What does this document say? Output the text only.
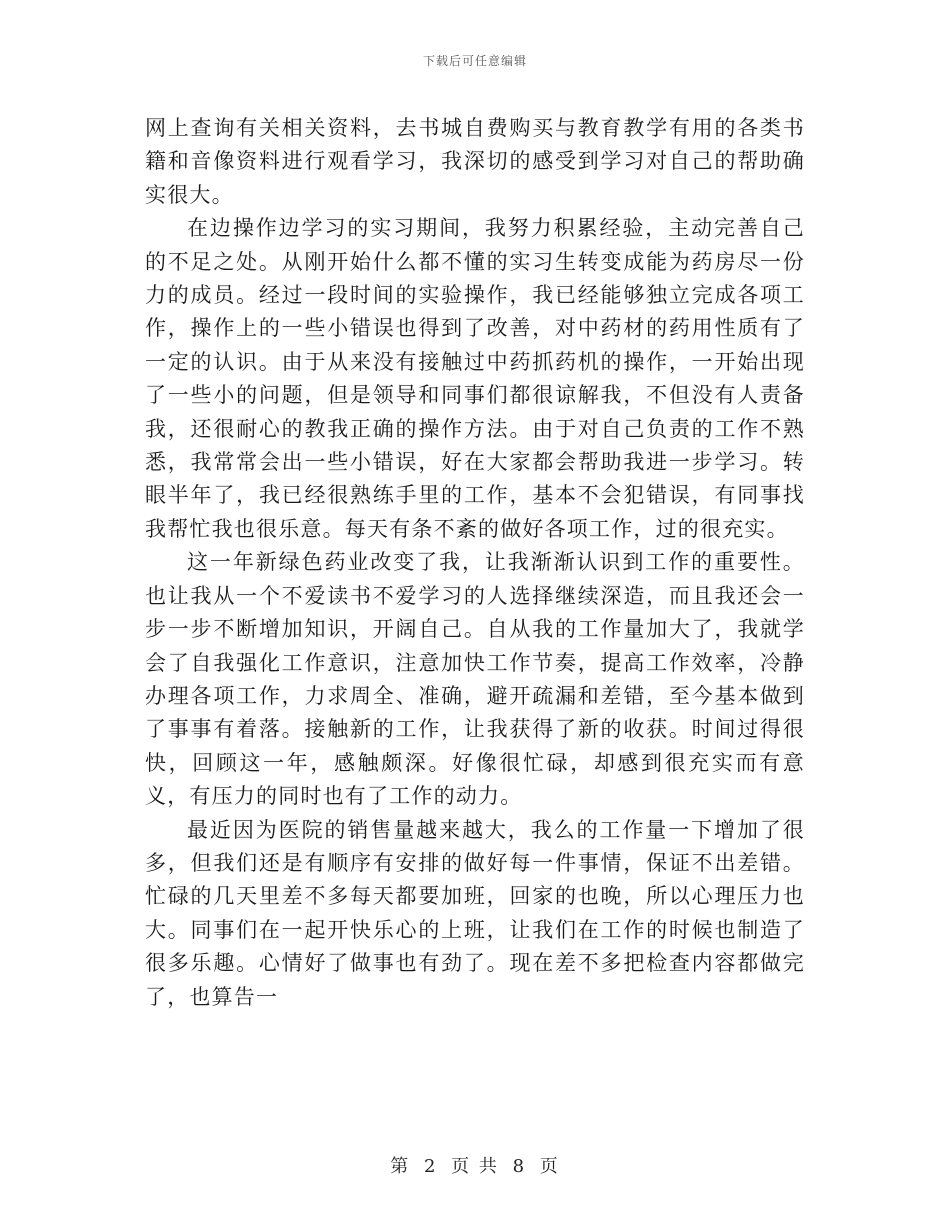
下载后可任意编辑

网上查询有关相关资料，去书城自费购买与教育教学有用的各类书籍和音像资料进行观看学习，我深切的感受到学习对自己的帮助确实很大。

在边操作边学习的实习期间，我努力积累经验，主动完善自己的不足之处。从刚开始什么都不懂的实习生转变成能为药房尽一份力的成员。经过一段时间的实验操作，我已经能够独立完成各项工作，操作上的一些小错误也得到了改善，对中药材的药用性质有了一定的认识。由于从来没有接触过中药抓药机的操作，一开始出现了一些小的问题，但是领导和同事们都很谅解我，不但没有人责备我，还很耐心的教我正确的操作方法。由于对自己负责的工作不熟悉，我常常会出一些小错误，好在大家都会帮助我进一步学习。转眼半年了，我已经很熟练手里的工作，基本不会犯错误，有同事找我帮忙我也很乐意。每天有条不紊的做好各项工作，过的很充实。

这一年新绿色药业改变了我，让我渐渐认识到工作的重要性。也让我从一个不爱读书不爱学习的人选择继续深造，而且我还会一步一步不断增加知识，开阔自己。自从我的工作量加大了，我就学会了自我强化工作意识，注意加快工作节奏，提高工作效率，冷静办理各项工作，力求周全、准确，避开疏漏和差错，至今基本做到了事事有着落。接触新的工作，让我获得了新的收获。时间过得很快，回顾这一年，感触颇深。好像很忙碌，却感到很充实而有意义，有压力的同时也有了工作的动力。

最近因为医院的销售量越来越大，我么的工作量一下增加了很多，但我们还是有顺序有安排的做好每一件事情，保证不出差错。忙碌的几天里差不多每天都要加班，回家的也晚，所以心理压力也大。同事们在一起开快乐心的上班，让我们在工作的时候也制造了很多乐趣。心情好了做事也有劲了。现在差不多把检查内容都做完了，也算告一

第 2 页 共 8 页
